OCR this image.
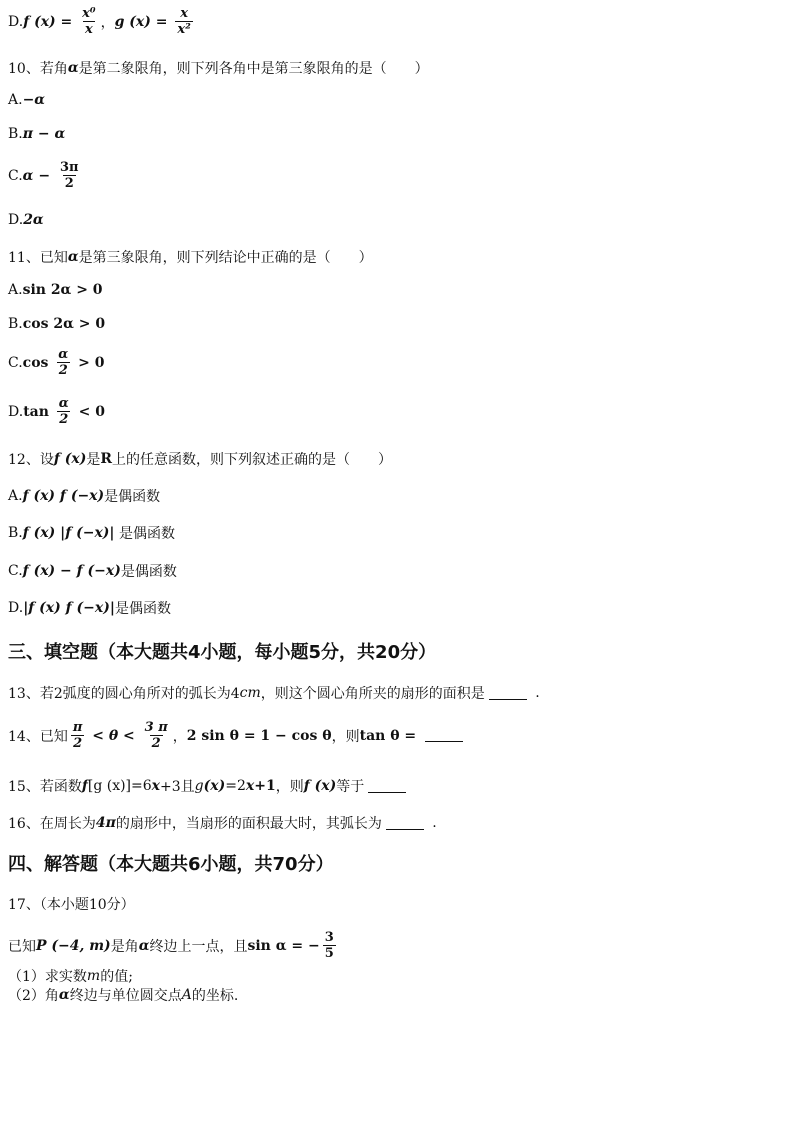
D. f $(x) = \frac{\text{x⁰}}{x}$ ， g $(x) = \frac{x}{\text{x²}}$
10、若角 α 是第二象限角，则下列各角中是第三象限角的是（　　）
A. −α
B. π − α
C. $\alpha - \frac{3\pi}{2}$
D. 2α
11、已知 α 是第三象限角，则下列结论中正确的是（　　）
A. sin 2α > 0
B. cos 2α > 0
C. $\cos \frac{\alpha}{2} > 0$
D. $\tan \frac{\alpha}{2} < 0$
12、设 f (x) 是 R 上的任意函数，则下列叙述正确的是（　　）
A. f (x) f (−x) 是偶函数
B. f (x) |f (−x)| 是偶函数
C. f (x) − f (−x) 是偶函数
D. |f (x) f (−x)| 是偶函数
三、填空题（本大题共4小题，每小题5分，共20分）
13、若2弧度的圆心角所对的弧长为4 cm ，则这个圆心角所夹的扇形的面积是	.
14、已知 $\frac{\pi}{2} < \theta < \frac{3 \pi}{2}$ ， 2 sin θ = 1 − cos θ ，则 tan θ =
15、若函数 f [g (x)]=6 x +3且 g (x) =2 x +1 ，则 f (x) 等于
16、在周长为 4π 的扇形中，当扇形的面积最大时，其弧长为	.
四、解答题（本大题共6小题，共70分）
17、（本小题10分）
已知 P (−4, m) 是角 α 终边上一点，且 sin α = − $\frac{3}{5}$
（1）求实数 m 的值;
（2）角 α 终边与单位圆交点 A 的坐标.
